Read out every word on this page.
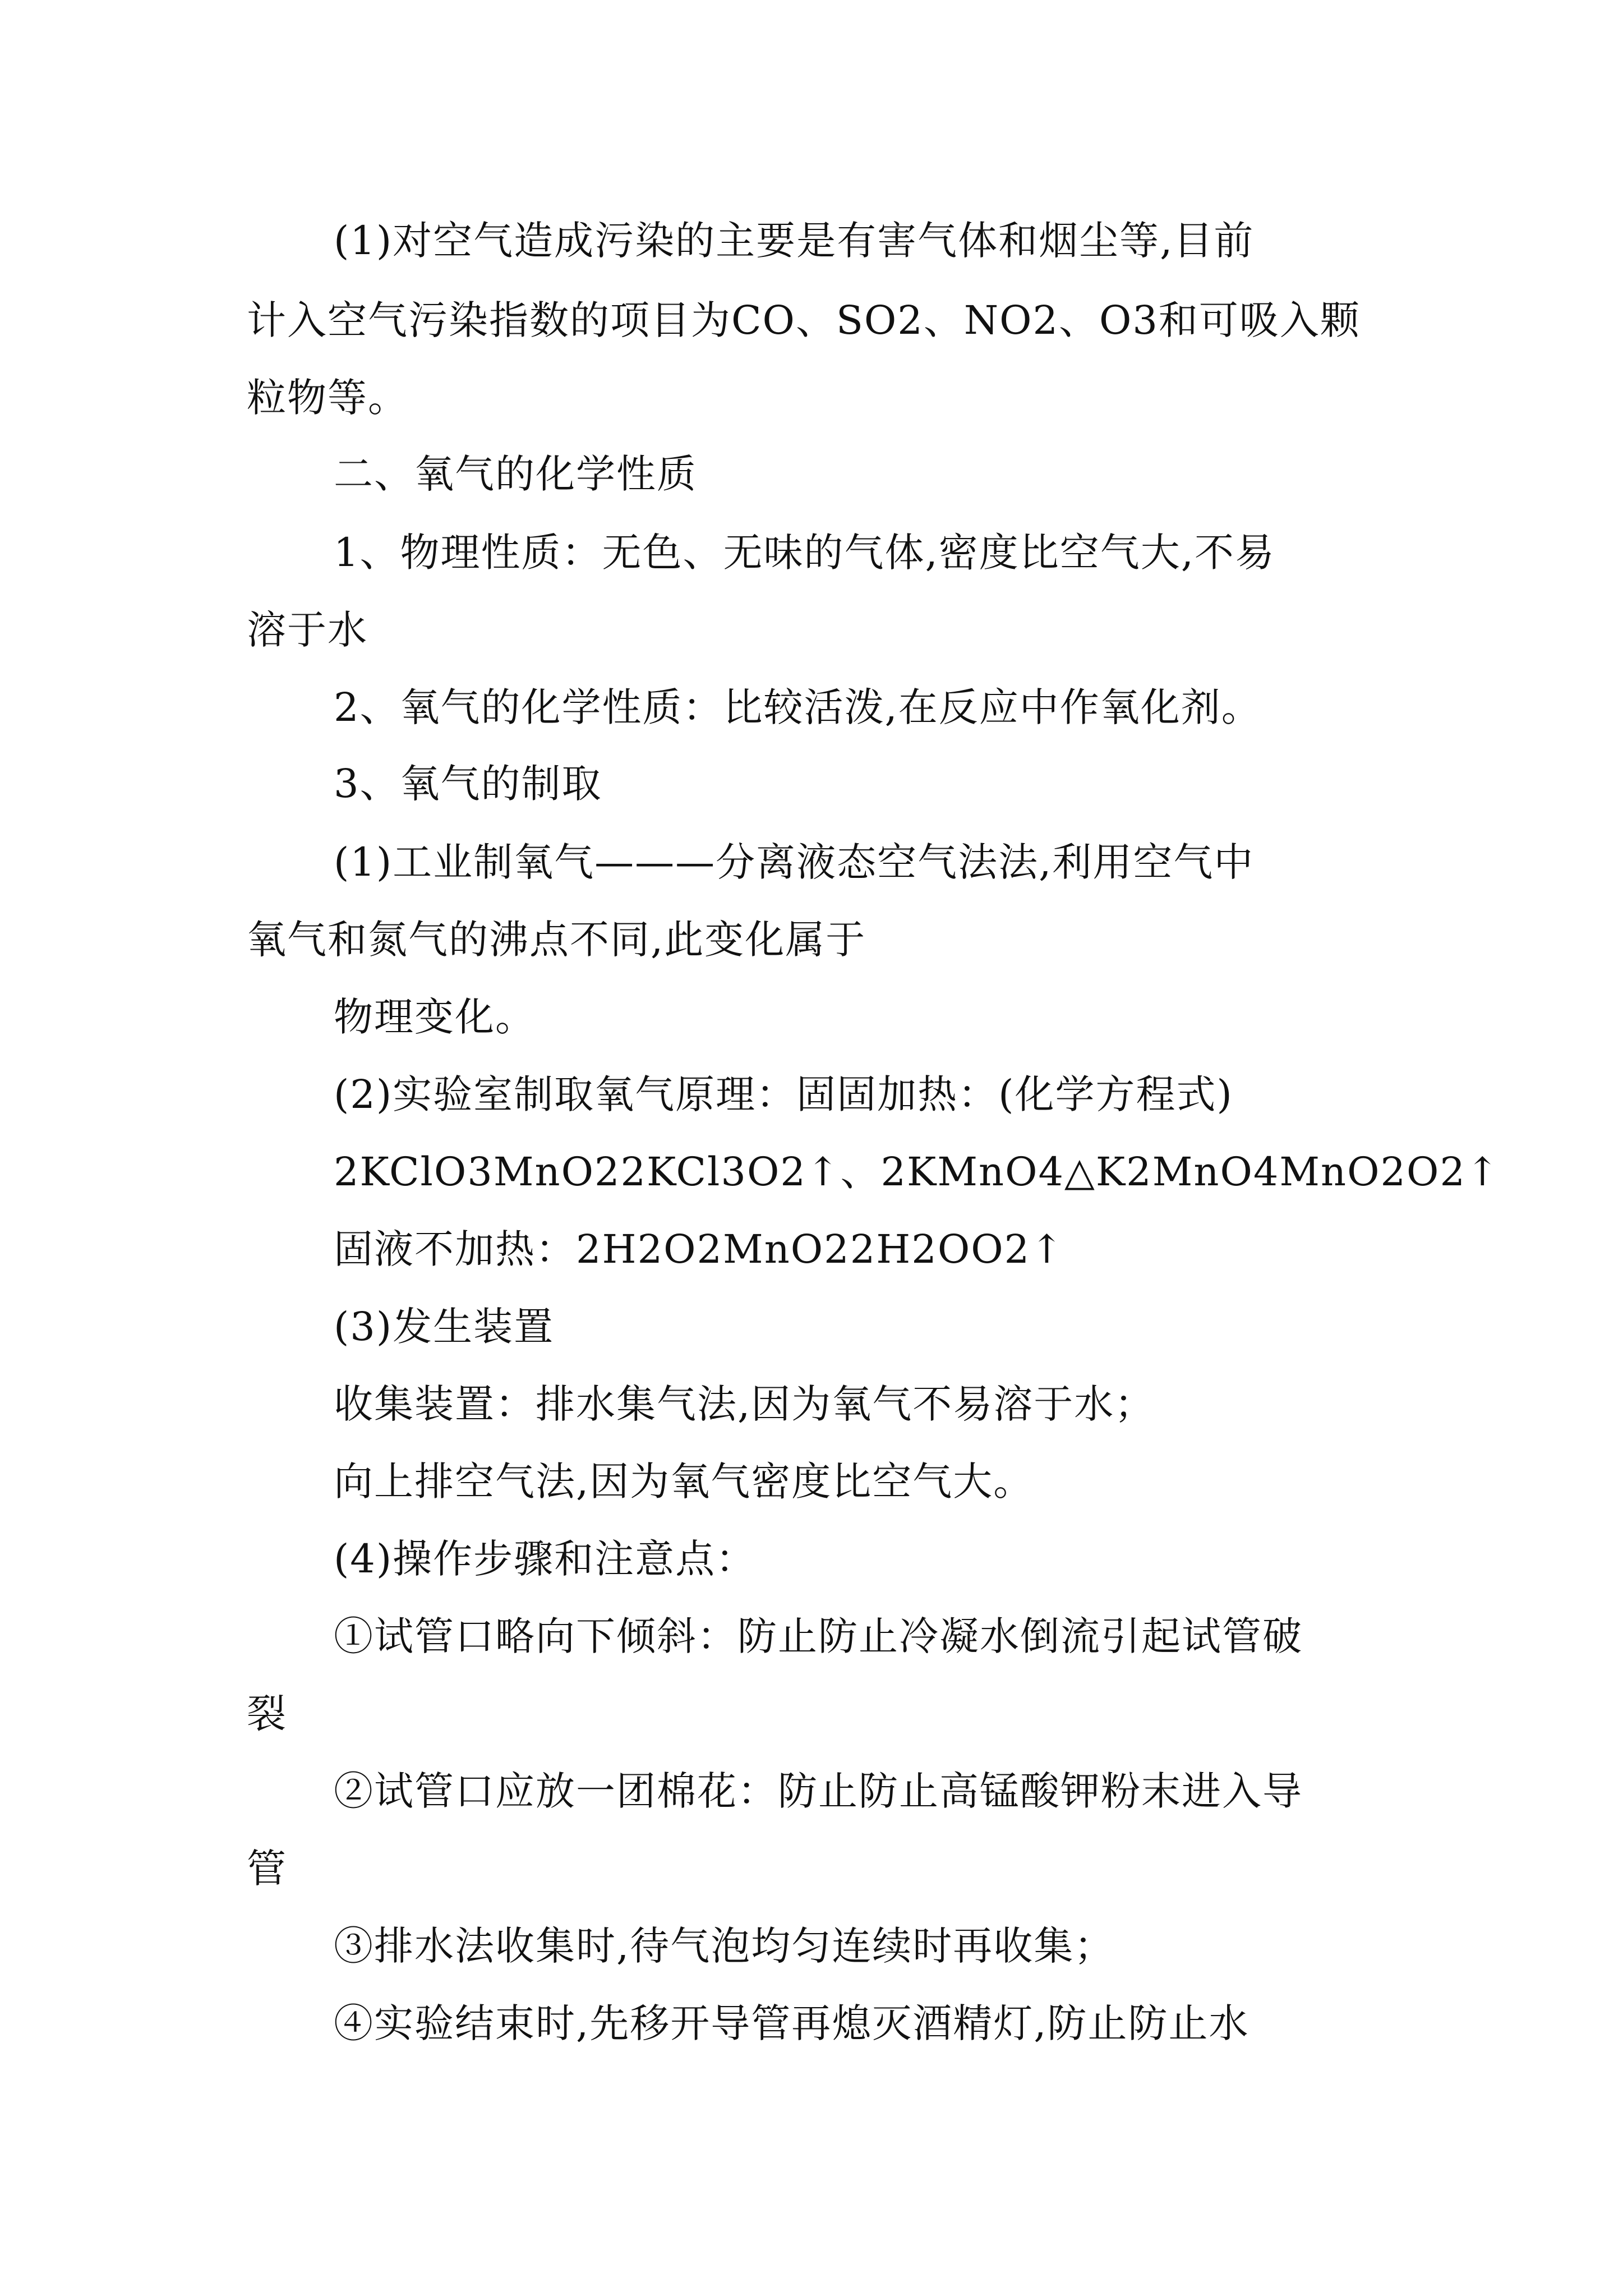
(1)对空气造成污染的主要是有害气体和烟尘等,目前
计入空气污染指数的项目为CO、SO2、NO2、O3和可吸入颗
粒物等。
二、氧气的化学性质
1、物理性质：无色、无味的气体,密度比空气大,不易
溶于水
2、氧气的化学性质：比较活泼,在反应中作氧化剂。
3、氧气的制取
(1)工业制氧气———分离液态空气法法,利用空气中
氧气和氮气的沸点不同,此变化属于
物理变化。
(2)实验室制取氧气原理：固固加热：(化学方程式)
2KClO3MnO22KCl3O2↑、2KMnO4△K2MnO4MnO2O2↑
固液不加热：2H2O2MnO22H2OO2↑
(3)发生装置
收集装置：排水集气法,因为氧气不易溶于水；
向上排空气法,因为氧气密度比空气大。
(4)操作步骤和注意点：
①试管口略向下倾斜：防止防止冷凝水倒流引起试管破
裂
②试管口应放一团棉花：防止防止高锰酸钾粉末进入导
管
③排水法收集时,待气泡均匀连续时再收集；
④实验结束时,先移开导管再熄灭酒精灯,防止防止水
